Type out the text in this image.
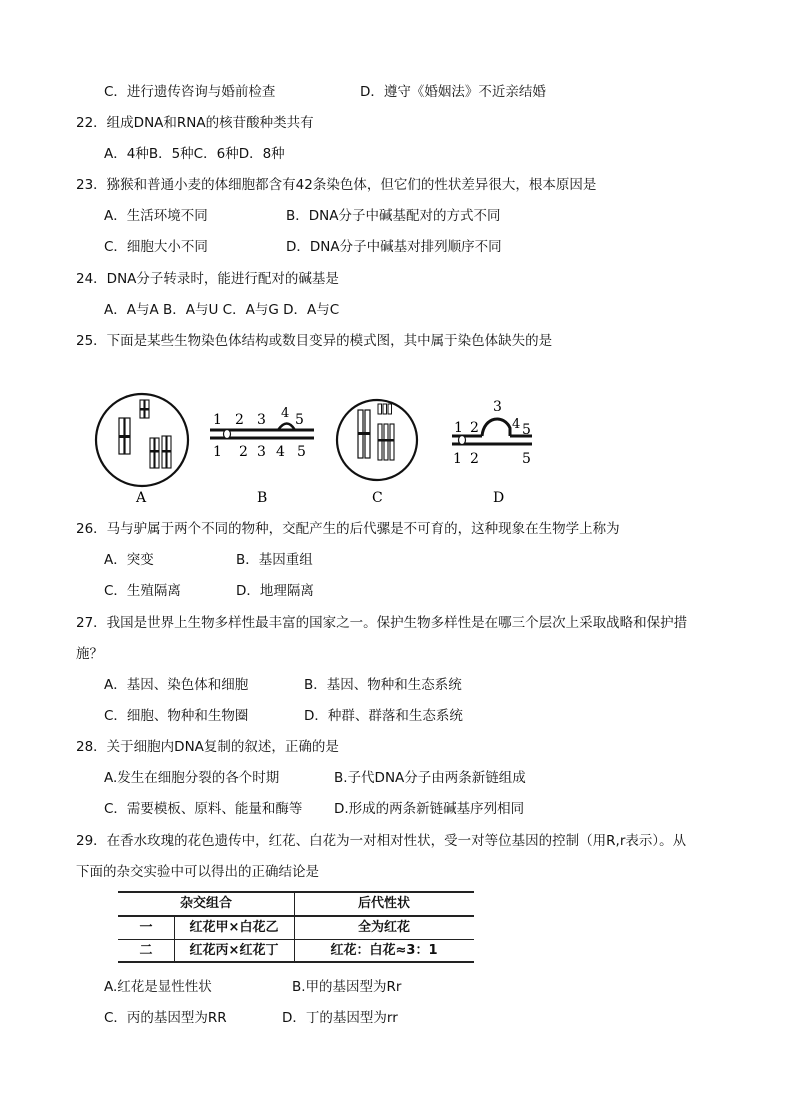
C．进行遗传咨询与婚前检查	D．遵守《婚姻法》不近亲结婚
22．组成DNA和RNA的核苷酸种类共有
A．4种B．5种C．6种D．8种
23．猕猴和普通小麦的体细胞都含有42条染色体，但它们的性状差异很大，根本原因是
A．生活环境不同	B．DNA分子中碱基配对的方式不同
C．细胞大小不同	D．DNA分子中碱基对排列顺序不同
24．DNA分子转录时，能进行配对的碱基是
A．A与A B．A与U C．A与G D．A与C
25．下面是某些生物染色体结构或数目变异的模式图，其中属于染色体缺失的是
A
1 2 3 4 5
1 2 3 4 5
B	C
1 2
3
4 5
1 2	5
D
26．马与驴属于两个不同的物种，交配产生的后代骡是不可育的，这种现象在生物学上称为
A．突变	B．基因重组
C．生殖隔离	D．地理隔离
27．我国是世界上生物多样性最丰富的国家之一。保护生物多样性是在哪三个层次上采取战略和保护措
施？
A．基因、染色体和细胞	B．基因、物种和生态系统
C．细胞、物种和生物圈	D．种群、群落和生态系统
28．关于细胞内DNA复制的叙述，正确的是
A.发生在细胞分裂的各个时期	B.子代DNA分子由两条新链组成
C．需要模板、原料、能量和酶等 D.形成的两条新链碱基序列相同
29．在香水玫瑰的花色遗传中，红花、白花为一对相对性状，受一对等位基因的控制（用R,r表示）。从
下面的杂交实验中可以得出的正确结论是
杂交组合	后代性状
一	红花甲×白花乙	全为红花
二	红花丙×红花丁	红花：白花≈3：1
A.红花是显性性状	B.甲的基因型为Rr
C．丙的基因型为RR	D．丁的基因型为rr
